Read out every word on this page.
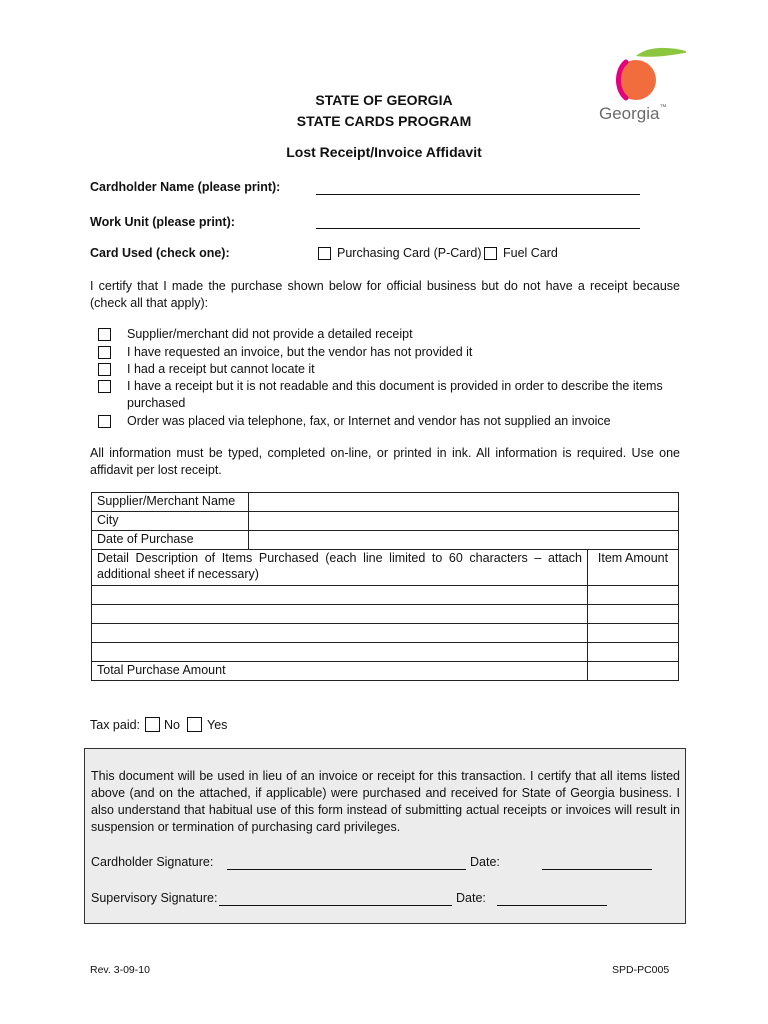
Georgia™
STATE OF GEORGIA
STATE CARDS PROGRAM
Lost Receipt/Invoice Affidavit
Cardholder Name (please print):
Work Unit (please print):
Card Used (check one):	Purchasing Card (P-Card) Fuel Card
I certify that I made the purchase shown below for official business but do not have a receipt because (check all that apply):
Supplier/merchant did not provide a detailed receipt
I have requested an invoice, but the vendor has not provided it
I had a receipt but cannot locate it
I have a receipt but it is not readable and this document is provided in order to describe the items purchased
Order was placed via telephone, fax, or Internet and vendor has not supplied an invoice
All information must be typed, completed on-line, or printed in ink. All information is required. Use one affidavit per lost receipt.
Supplier/Merchant Name		
City		
Date of Purchase		
Detail Description of Items Purchased (each line limited to 60 characters – attach additional sheet if necessary)		Item Amount

Total Purchase Amount		
Tax paid: No Yes
This document will be used in lieu of an invoice or receipt for this transaction. I certify that all items listed above (and on the attached, if applicable) were purchased and received for State of Georgia business. I also understand that habitual use of this form instead of submitting actual receipts or invoices will result in suspension or termination of purchasing card privileges.
Cardholder Signature:	Date:
Supervisory Signature:	Date:
Rev. 3-09-10	SPD-PC005
